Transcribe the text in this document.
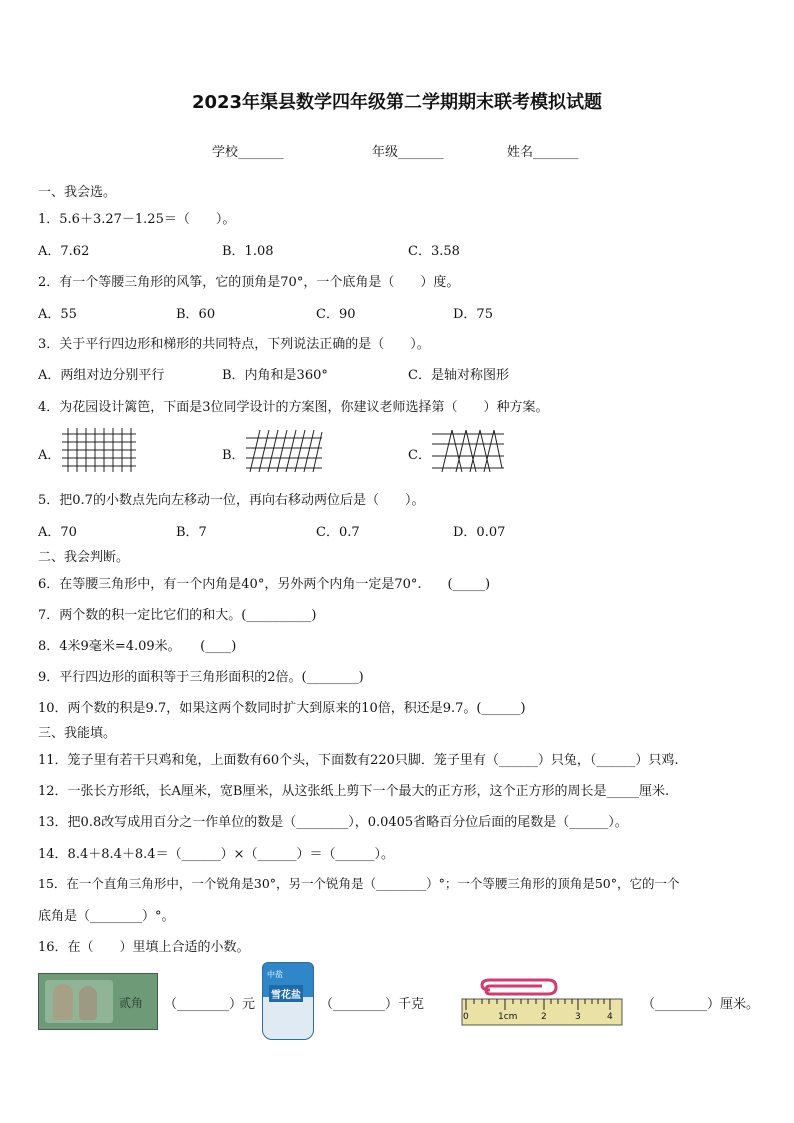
2023年渠县数学四年级第二学期期末联考模拟试题
学校_______	年级_______	姓名_______
一、我会选。
1．5.6＋3.27－1.25＝（　　）。
A．7.62	B．1.08	C．3.58
2．有一个等腰三角形的风筝，它的顶角是70°，一个底角是（　　）度。
A．55	B．60	C．90	D．75
3．关于平行四边形和梯形的共同特点，下列说法正确的是（　　）。
A．两组对边分别平行	B．内角和是360°	C．是轴对称图形
4．为花园设计篱笆，下面是3位同学设计的方案图，你建议老师选择第（　　）种方案。
A．	B．	C．
5．把0.7的小数点先向左移动一位，再向右移动两位后是（　　）。
A．70	B．7	C．0.7	D．0.07
二、我会判断。
6．在等腰三角形中，有一个内角是40°，另外两个内角一定是70°.　　(_____)
7．两个数的积一定比它们的和大。(__________)
8．4米9毫米=4.09米。　　(____)
9．平行四边形的面积等于三角形面积的2倍。(________)
10．两个数的积是9.7，如果这两个数同时扩大到原来的10倍，积还是9.7。(______)
三、我能填。
11．笼子里有若干只鸡和兔，上面数有60个头，下面数有220只脚．笼子里有（______）只兔，（______）只鸡.
12．一张长方形纸，长A厘米，宽B厘米，从这张纸上剪下一个最大的正方形，这个正方形的周长是_____厘米.
13．把0.8改写成用百分之一作单位的数是（________），0.0405省略百分位后面的尾数是（______）。
14．8.4＋8.4＋8.4＝（______）×（______）＝（______）。
15．在一个直角三角形中，一个锐角是30°，另一个锐角是（________）°；一个等腰三角形的顶角是50°，它的一个
底角是（________）°。
16．在（　　）里填上合适的小数。
贰角 （________）元
中盐
雪花盐
（________）千克
0	1cm	2	3	4
（________）厘米。
